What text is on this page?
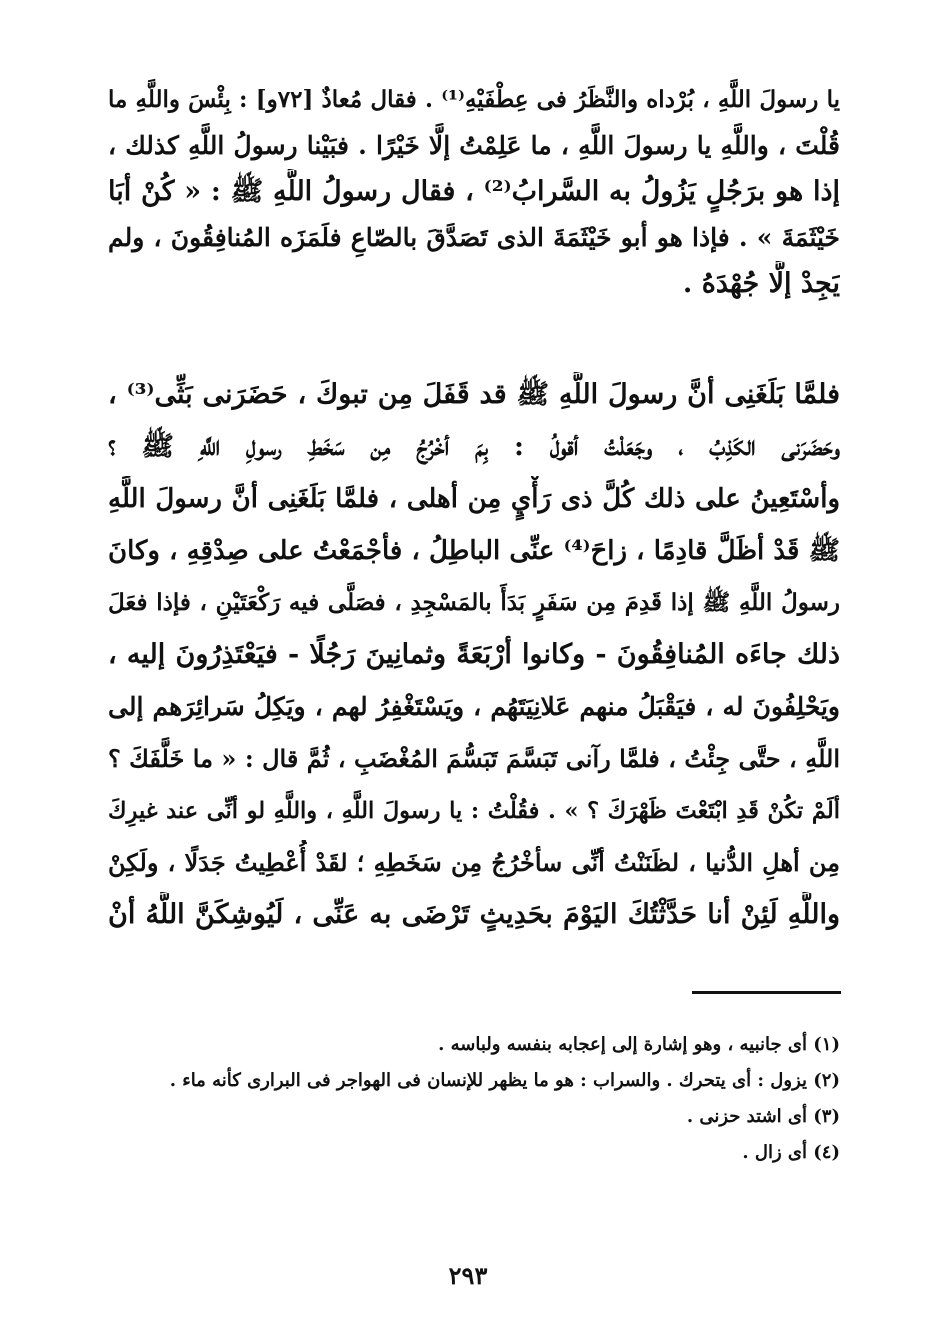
يا رسولَ اللَّهِ ، بُرْداه والنَّظَرُ فى عِطْفَيْهِ⁽¹⁾ . فقال مُعاذٌ [٧٢و] : بِئْسَ واللَّهِ ما
قُلْتَ ، واللَّهِ يا رسولَ اللَّهِ ، ما عَلِمْتُ إلَّا خَيْرًا . فبَيْنا رسولُ اللَّهِ كذلك ،
إذا هو برَجُلٍ يَزُولُ به السَّرابُ⁽²⁾ ، فقال رسولُ اللَّهِ ﷺ : « كُنْ أبَا
خَيْثَمَةَ » . فإذا هو أبو خَيْثَمَةَ الذى تَصَدَّقَ بالصّاعِ فلَمَزَه المُنافِقُونَ ، ولم
يَجِدْ إلَّا جُهْدَهُ .
فلمَّا بَلَغَنِى أنَّ رسولَ اللَّهِ ﷺ قد قَفَلَ مِن تبوكَ ، حَضَرَنى بَثِّى⁽³⁾ ،
وحَضَرَنى الكَذِبُ ، وجَعَلْتُ أقولُ : بِمَ أخْرُجُ مِن سَخَطِ رسولِ اللَّهِ ﷺ ؟
وأسْتَعِينُ على ذلك كُلَّ ذى رَأْيٍ مِن أهلى ، فلمَّا بَلَغَنِى أنَّ رسولَ اللَّهِ
ﷺ قَدْ أظَلَّ قادِمًا ، زاحَ⁽⁴⁾ عنِّى الباطِلُ ، فأجْمَعْتُ على صِدْقِهِ ، وكانَ
رسولُ اللَّهِ ﷺ إذا قَدِمَ مِن سَفَرٍ بَدَأَ بالمَسْجِدِ ، فصَلَّى فيه رَكْعَتَيْنِ ، فإذا فعَلَ
ذلك جاءَه المُنافِقُونَ - وكانوا أرْبَعَةً وثمانِينَ رَجُلًا - فيَعْتَذِرُونَ إليه ،
ويَحْلِفُونَ له ، فيَقْبَلُ منهم عَلانِيَتَهُم ، ويَسْتَغْفِرُ لهم ، ويَكِلُ سَرائِرَهم إلى
اللَّهِ ، حتَّى جِئْتُ ، فلمَّا رآنى تَبَسَّمَ تَبَسُّمَ المُغْضَبِ ، ثُمَّ قال : « ما خَلَّفَكَ ؟
ألَمْ تكُنْ قَدِ ابْتَعْتَ ظَهْرَكَ ؟ » . فقُلْتُ : يا رسولَ اللَّهِ ، واللَّهِ لو أنِّى عند غيرِكَ
مِن أهلِ الدُّنيا ، لظَنَنْتُ أنِّى سأخْرُجُ مِن سَخَطِهِ ؛ لقَدْ أُعْطِيتُ جَدَلًا ، ولَكِنْ
واللَّهِ لَئِنْ أنا حَدَّثْتُكَ اليَوْمَ بحَدِيثٍ تَرْضَى به عَنِّى ، لَيُوشِكَنَّ اللَّهُ أنْ
(١) أى جانبيه ، وهو إشارة إلى إعجابه بنفسه ولباسه .
(٢) يزول : أى يتحرك . والسراب : هو ما يظهر للإنسان فى الهواجر فى البرارى كأنه ماء .
(٣) أى اشتد حزنى .
(٤) أى زال .
٢٩٣
